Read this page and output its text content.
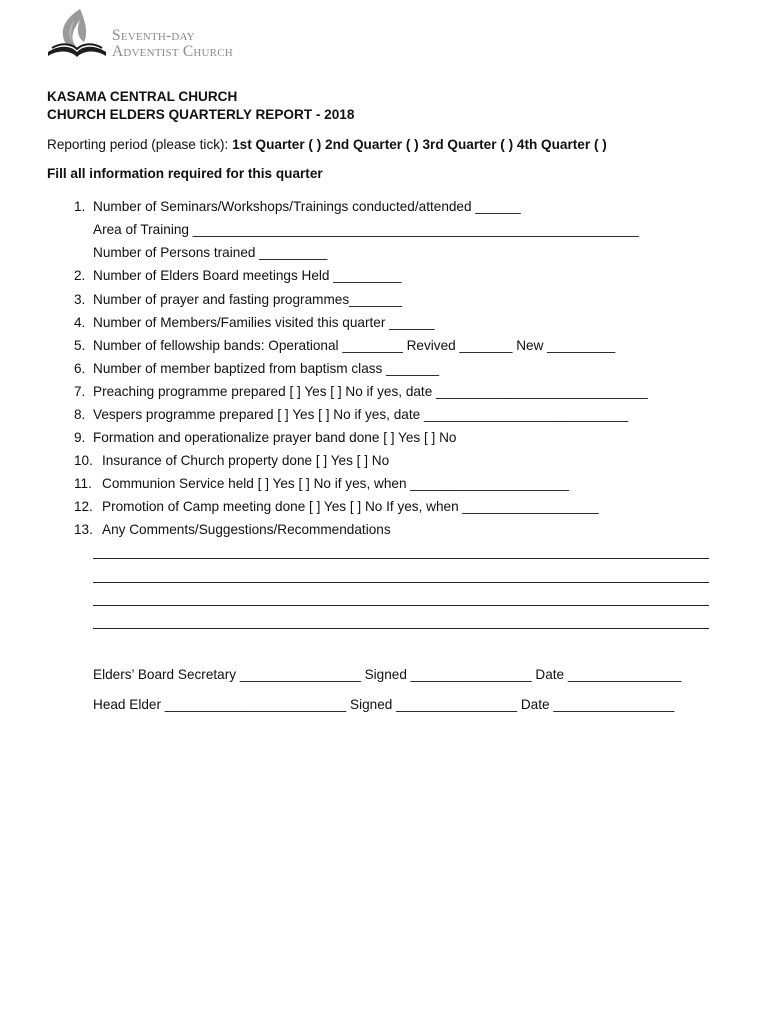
Seventh-day
Adventist Church
KASAMA CENTRAL CHURCH
CHURCH ELDERS QUARTERLY REPORT - 2018
Reporting period (please tick): 1st Quarter ( ) 2nd Quarter ( ) 3rd Quarter ( ) 4th Quarter ( )
Fill all information required for this quarter
1. Number of Seminars/Workshops/Trainings conducted/attended ______
Area of Training ___________________________________________________________
Number of Persons trained _________
2. Number of Elders Board meetings Held _________
3. Number of prayer and fasting programmes_______
4. Number of Members/Families visited this quarter ______
5. Number of fellowship bands: Operational ________ Revived _______ New _________
6. Number of member baptized from baptism class _______
7. Preaching programme prepared [ ] Yes [ ] No if yes, date ____________________________
8. Vespers programme prepared [ ] Yes [ ] No if yes, date ___________________________
9. Formation and operationalize prayer band done [ ] Yes [ ] No
10. Insurance of Church property done [ ] Yes [ ] No
11. Communion Service held [ ] Yes [ ] No if yes, when _____________________
12. Promotion of Camp meeting done [ ] Yes [ ] No If yes, when __________________
13. Any Comments/Suggestions/Recommendations
Elders’ Board Secretary ________________ Signed ________________ Date _______________
Head Elder ________________________ Signed ________________ Date ________________
